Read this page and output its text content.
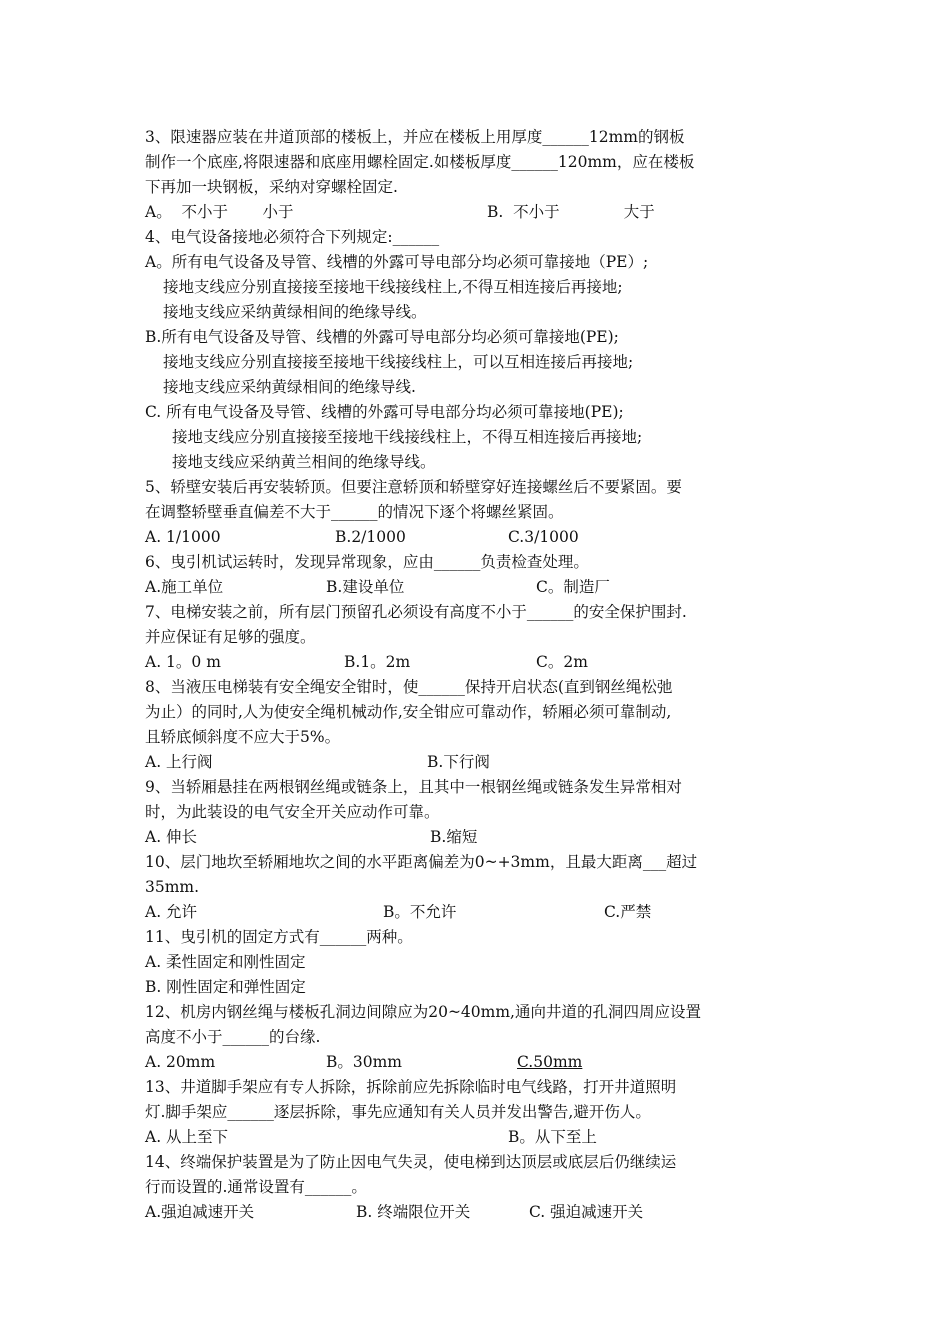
3、限速器应装在井道顶部的楼板上，并应在楼板上用厚度______12mm的钢板
制作一个底座,将限速器和底座用螺栓固定.如楼板厚度______120mm，应在楼板
下再加一块钢板，采纳对穿螺栓固定.
A。  不小于       小于	B.  不小于             大于
4、电气设备接地必须符合下列规定:______
A。所有电气设备及导管、线槽的外露可导电部分均必须可靠接地（PE）;
接地支线应分别直接接至接地干线接线柱上,不得互相连接后再接地;
接地支线应采纳黄绿相间的绝缘导线。
B.所有电气设备及导管、线槽的外露可导电部分均必须可靠接地(PE);
接地支线应分别直接接至接地干线接线柱上，可以互相连接后再接地;
接地支线应采纳黄绿相间的绝缘导线.
C. 所有电气设备及导管、线槽的外露可导电部分均必须可靠接地(PE);
接地支线应分别直接接至接地干线接线柱上，不得互相连接后再接地;
接地支线应采纳黄兰相间的绝缘导线。
5、轿壁安装后再安装轿顶。但要注意轿顶和轿壁穿好连接螺丝后不要紧固。要
在调整轿壁垂直偏差不大于______的情况下逐个将螺丝紧固。
A. 1/1000	B.2/1000	C.3/1000
6、曳引机试运转时，发现异常现象，应由______负责检查处理。
A.施工单位	B.建设单位	C。制造厂
7、电梯安装之前，所有层门预留孔必须设有高度不小于______的安全保护围封.
并应保证有足够的强度。
A. 1。0 m	B.1。2m	C。2m
8、当液压电梯装有安全绳安全钳时，使______保持开启状态(直到钢丝绳松弛
为止）的同时,人为使安全绳机械动作,安全钳应可靠动作，轿厢必须可靠制动,
且轿底倾斜度不应大于5%。
A. 上行阀	B.下行阀
9、当轿厢悬挂在两根钢丝绳或链条上，且其中一根钢丝绳或链条发生异常相对
时，为此装设的电气安全开关应动作可靠。
A. 伸长	B.缩短
10、层门地坎至轿厢地坎之间的水平距离偏差为0~+3mm，且最大距离___超过
35mm.
A. 允许	B。不允许	C.严禁
11、曳引机的固定方式有______两种。
A. 柔性固定和刚性固定
B. 刚性固定和弹性固定
12、机房内钢丝绳与楼板孔洞边间隙应为20~40mm,通向井道的孔洞四周应设置
高度不小于______的台缘.
A. 20mm	B。30mm	C.50mm
13、井道脚手架应有专人拆除，拆除前应先拆除临时电气线路，打开井道照明
灯.脚手架应______逐层拆除，事先应通知有关人员并发出警告,避开伤人。
A. 从上至下	B。从下至上
14、终端保护装置是为了防止因电气失灵，使电梯到达顶层或底层后仍继续运
行而设置的.通常设置有______。
A.强迫减速开关	B. 终端限位开关	C. 强迫减速开关
